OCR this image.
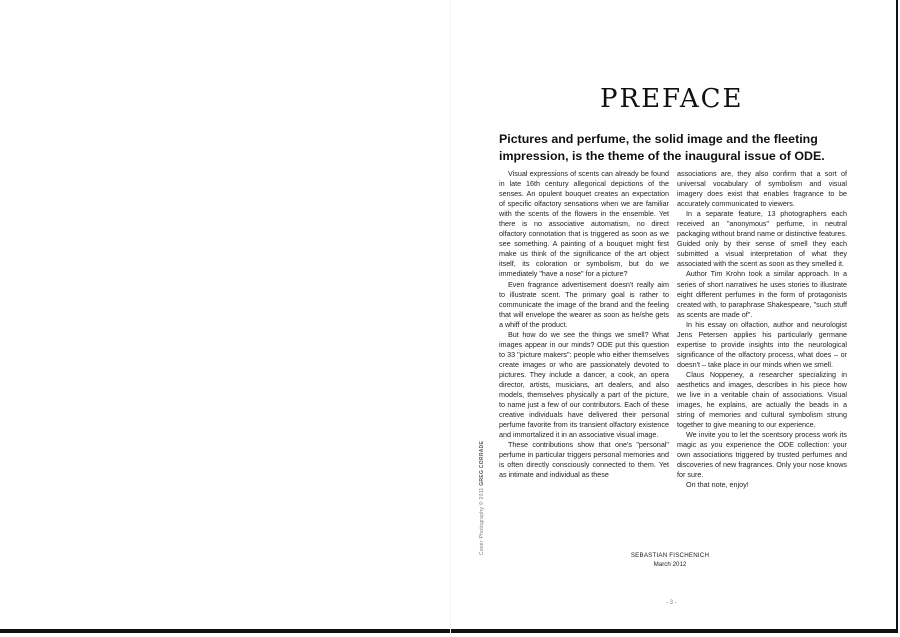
PREFACE

Pictures and perfume, the solid image and the fleeting impression, is the theme of the inaugural issue of ODE.

Visual expressions of scents can already be found in late 16th century allegorical depictions of the senses. An opulent bouquet creates an expectation of specific olfactory sensations when we are familiar with the scents of the flowers in the ensemble. Yet there is no associative automatism, no direct olfactory connotation that is triggered as soon as we see something. A painting of a bouquet might first make us think of the significance of the art object itself, its coloration or symbolism, but do we immediately "have a nose" for a picture?

Even fragrance advertisement doesn't really aim to illustrate scent. The primary goal is rather to communicate the image of the brand and the feeling that will envelope the wearer as soon as he/she gets a whiff of the product.

But how do we see the things we smell? What images appear in our minds? ODE put this question to 33 "picture makers": people who either themselves create images or who are passionately devoted to pictures. They include a dancer, a cook, an opera director, artists, musicians, art dealers, and also models, themselves physically a part of the picture, to name just a few of our contributors. Each of these creative individuals have delivered their personal perfume favorite from its transient olfactory existence and immortalized it in an associative visual image.

These contributions show that one's "personal" perfume in particular triggers personal memories and is often directly consciously connected to them. Yet as intimate and individual as these

associations are, they also confirm that a sort of universal vocabulary of symbolism and visual imagery does exist that enables fragrance to be accurately communicated to viewers.

In a separate feature, 13 photographers each received an "anonymous" perfume, in neutral packaging without brand name or distinctive features. Guided only by their sense of smell they each submitted a visual interpretation of what they associated with the scent as soon as they smelled it.

Author Tim Krohn took a similar approach. In a series of short narratives he uses stories to illustrate eight different perfumes in the form of protagonists created with, to paraphrase Shakespeare, "such stuff as scents are made of".

In his essay on olfaction, author and neurologist Jens Petersen applies his particularly germane expertise to provide insights into the neurological significance of the olfactory process, what does – or doesn't – take place in our minds when we smell.

Claus Noppeney, a researcher specializing in aesthetics and images, describes in his piece how we live in a veritable chain of associations. Visual images, he explains, are actually the beads in a string of memories and cultural symbolism strung together to give meaning to our experience.

We invite you to let the scentsory process work its magic as you experience the ODE collection: your own associations triggered by trusted perfumes and discoveries of new fragrances. Only your nose knows for sure.

On that note, enjoy!

Cover Photography © 2011 GREG CORRADE
SEBASTIAN FISCHENICH
March 2012
- 3 -
